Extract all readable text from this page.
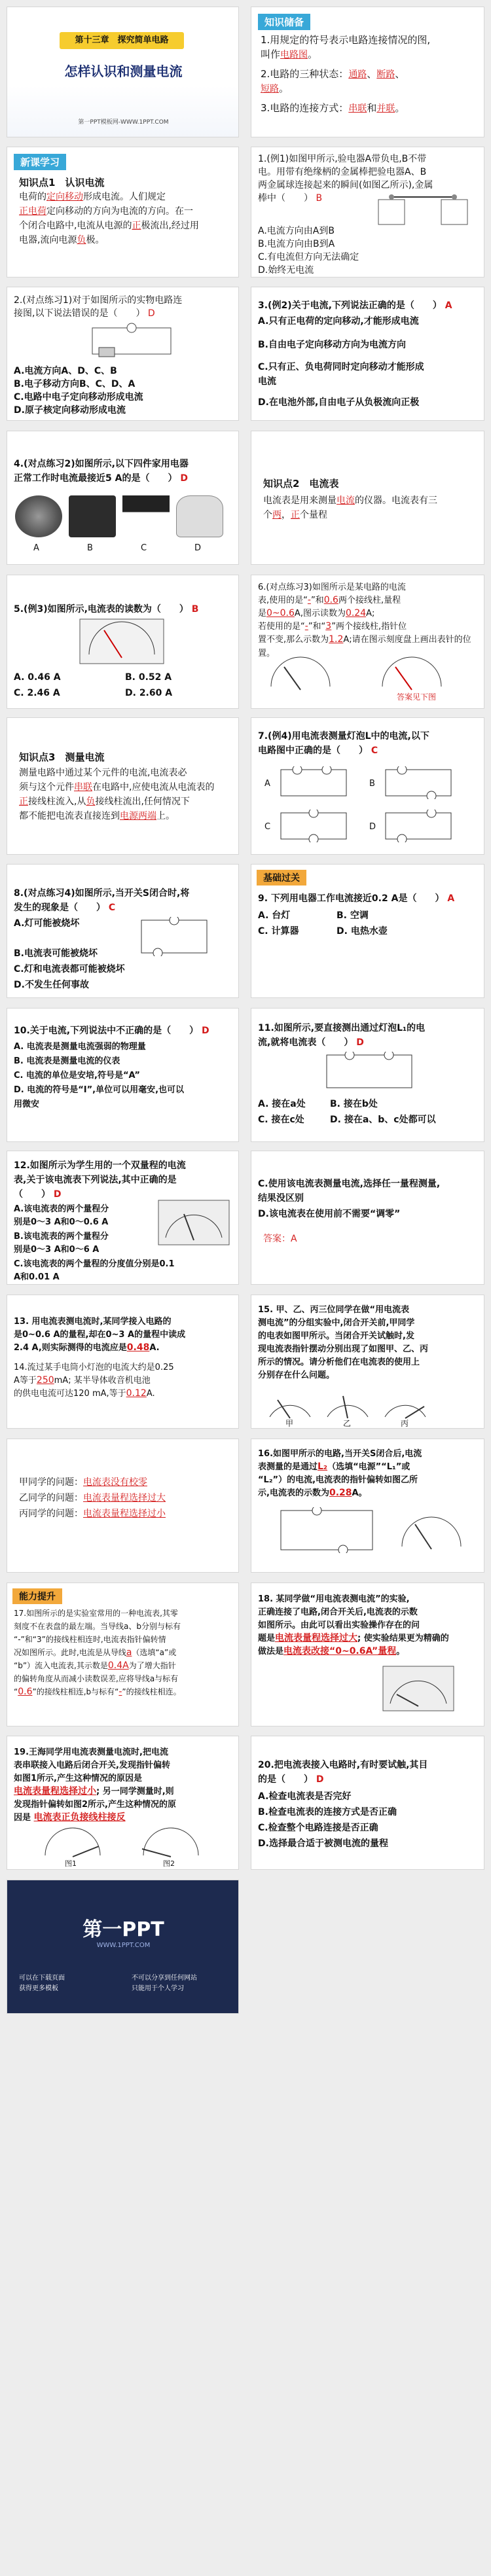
第十三章　探究简单电路
怎样认识和测量电流
第一PPT模板网-WWW.1PPT.COM
知识储备
1.用规定的符号表示电路连接情况的图,
叫作电路图。
2.电路的三种状态：通路、断路、
短路。
3.电路的连接方式：串联和并联。
新课学习
知识点1　认识电流
电荷的定向移动形成电流。人们规定
正电荷定向移动的方向为电流的方向。在一
个闭合电路中,电流从电源的正极流出,经过用
电器,流向电源负极。
1.(例1)如图甲所示,验电器A带负电,B不带
电。用带有绝缘柄的金属棒把验电器A、B
两金属球连接起来的瞬间(如图乙所示),金属
棒中（　　） B
A.电流方向由A到B
B.电流方向由B到A
C.有电流但方向无法确定
D.始终无电流
2.(对点练习1)对于如图所示的实物电路连
接图,以下说法错误的是（　　） D
A.电流方向A、D、C、B
B.电子移动方向B、C、D、A
C.电路中电子定向移动形成电流
D.原子核定向移动形成电流
3.(例2)关于电流,下列说法正确的是（　　） A
A.只有正电荷的定向移动,才能形成电流
B.自由电子定向移动方向为电流方向
C.只有正、负电荷同时定向移动才能形成
电流
D.在电池外部,自由电子从负极流向正极
4.(对点练习2)如图所示,以下四件家用电器
正常工作时电流最接近5 A的是（　　） D
A	B	C	D
知识点2　电流表
电流表是用来测量电流的仪器。电流表有三
个两，正个量程
5.(例3)如图所示,电流表的读数为（　　） B
A. 0.46 A	B. 0.52 A
C. 2.46 A	D. 2.60 A
6.(对点练习3)如图所示是某电路的电流
表,使用的是“-”和0.6两个接线柱,量程
是0~0.6A,图示读数为0.24A;
若使用的是“-”和“3”两个接线柱,指针位
置不变,那么示数为1.2A;请在图示刻度盘上画出表针的位置。
答案见下图
知识点3　测量电流
测量电路中通过某个元件的电流,电流表必
须与这个元件串联在电路中,应使电流从电流表的
正接线柱流入,从负接线柱流出,任何情况下
都不能把电流表直接连到电源两端上。
7.(例4)用电流表测量灯泡L中的电流,以下
电路图中正确的是（　　） C
A	B
C	D
8.(对点练习4)如图所示,当开关S闭合时,将
发生的现象是（　　） C
A.灯可能被烧坏
B.电流表可能被烧坏
C.灯和电流表都可能被烧坏
D.不发生任何事故
基础过关
9. 下列用电器工作电流接近0.2 A是（　　） A
A. 台灯	B. 空调
C. 计算器	D. 电热水壶
10.关于电流,下列说法中不正确的是（　　） D
A. 电流表是测量电流强弱的物理量
B. 电流表是测量电流的仪表
C. 电流的单位是安培,符号是“A”
D. 电流的符号是“I”,单位可以用毫安,也可以
用微安
11.如图所示,要直接测出通过灯泡L₁的电
流,就将电流表（　　） D
A. 接在a处	B. 接在b处
C. 接在c处	D. 接在a、b、c处都可以
12.如图所示为学生用的一个双量程的电流
表,关于该电流表下列说法,其中正确的是
（　　） D
A.该电流表的两个量程分
别是0～3 A和0～0.6 A
B.该电流表的两个量程分
别是0～3 A和0～6 A
C.该电流表的两个量程的分度值分别是0.1
A和0.01 A
C.使用该电流表测量电流,选择任一量程测量,
结果没区别
D.该电流表在使用前不需要“调零”
答案：A
13. 用电流表测电流时,某同学接入电路的
是0~0.6 A的量程,却在0~3 A的量程中读成
2.4 A,则实际测得的电流应是0.48A.
14.流过某手电筒小灯泡的电流大约是0.25
A等于250mA; 某半导体收音机电池
的供电电流可达120 mA,等于0.12A.
15. 甲、乙、丙三位同学在做“用电流表
测电流”的分组实验中,闭合开关前,甲同学
的电表如图甲所示。当闭合开关试触时,发
现电流表指针摆动分别出现了如图甲、乙、丙
所示的情况。请分析他们在电流表的使用上
分别存在什么问题。
甲	乙	丙
甲同学的问题：电流表没有校零
乙同学的问题：电流表量程选择过大
丙同学的问题：电流表量程选择过小
16.如图甲所示的电路,当开关S闭合后,电流
表测量的是通过L₂（选填“电源”“L₁”或
“L₂”）的电流,电流表的指针偏转如图乙所
示,电流表的示数为0.28A。
能力提升
17.如图所示的是实验室常用的一种电流表,其零
刻度不在表盘的最左端。当导线a、b分别与标有
“-”和“3”的接线柱相连时,电流表指针偏转情
况如图所示。此时,电流是从导线a（选填“a”或
“b”）流入电流表,其示数是0.4A为了增大指针
的偏转角度从而减小读数误差,应将导线a与标有
“0.6”的接线柱相连,b与标有“-”的接线柱相连。
18. 某同学做“用电流表测电流”的实验,
正确连接了电路,闭合开关后,电流表的示数
如图所示。由此可以看出实验操作存在的问
题是电流表量程选择过大; 使实验结果更为精确的
做法是电流表改接“0~0.6A”量程。
19.王海同学用电流表测量电流时,把电流
表串联接入电路后闭合开关,发现指针偏转
如图1所示,产生这种情况的原因是
电流表量程选择过小; 另一同学测量时,则
发现指针偏转如图2所示,产生这种情况的原
因是 电流表正负接线柱接反
图1	图2
20.把电流表接入电路时,有时要试触,其目
的是（　　） D
A.检查电流表是否完好
B.检查电流表的连接方式是否正确
C.检查整个电路连接是否正确
D.选择最合适于被测电流的量程
第一PPT
WWW.1PPT.COM
可以在下载页面
获得更多模板
不可以分享到任何网站
只能用于个人学习
